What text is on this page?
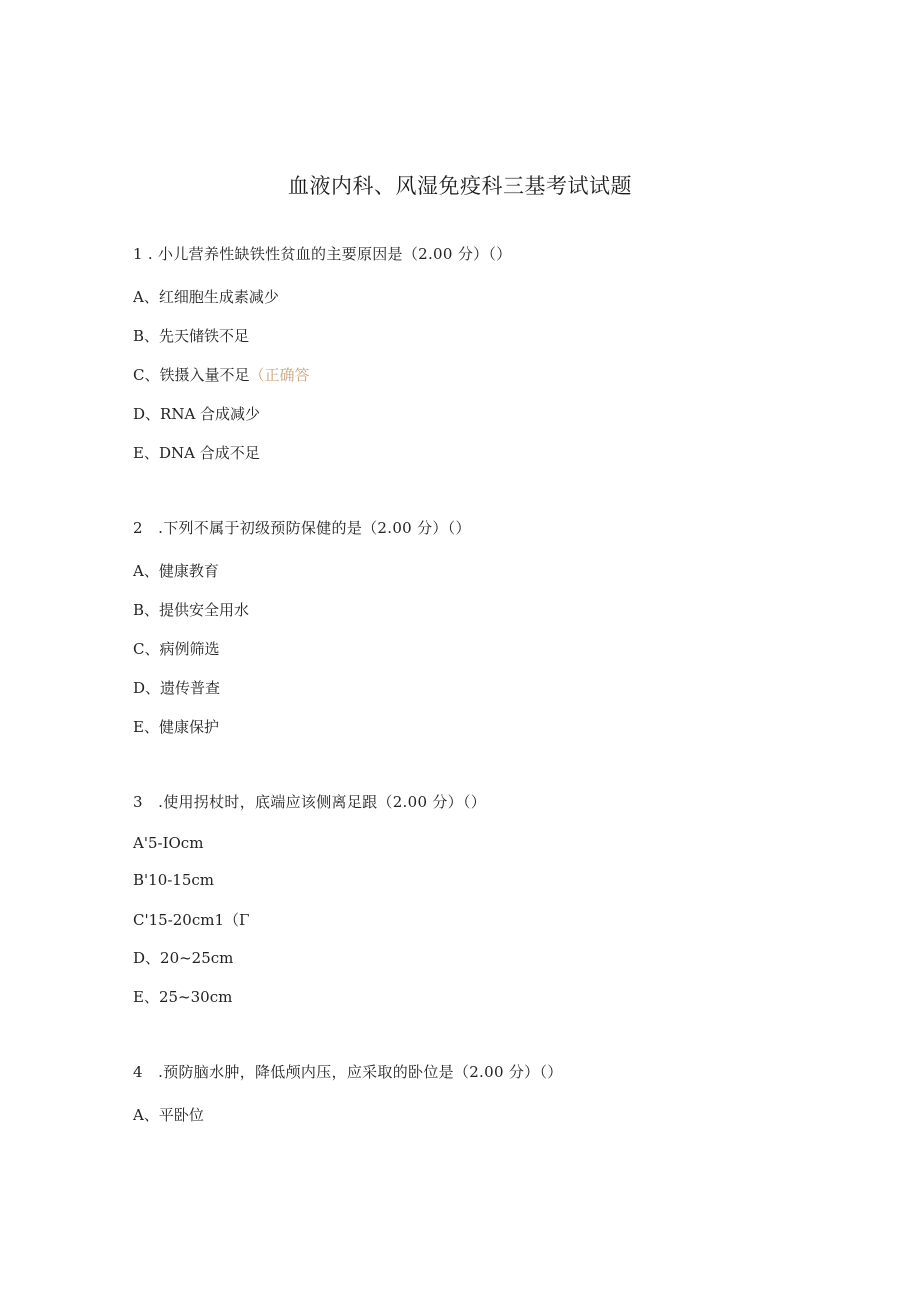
血液内科、风湿免疫科三基考试试题
1 . 小儿营养性缺铁性贫血的主要原因是（2.00 分）（）
A、红细胞生成素减少
B、先天储铁不足
C、铁摄入量不足（正确答
D、RNA 合成减少
E、DNA 合成不足
2　.下列不属于初级预防保健的是（2.00 分）（）
A、健康教育
B、提供安全用水
C、病例筛选
D、遗传普查
E、健康保护
3　.使用拐杖时，底端应该侧离足跟（2.00 分）（）
A'5-IOcm
B'10-15cm
C'15-20cm1（Γ
D、20~25cm
E、25~30cm
4　.预防脑水肿，降低颅内压，应采取的卧位是（2.00 分）（）
A、平卧位
